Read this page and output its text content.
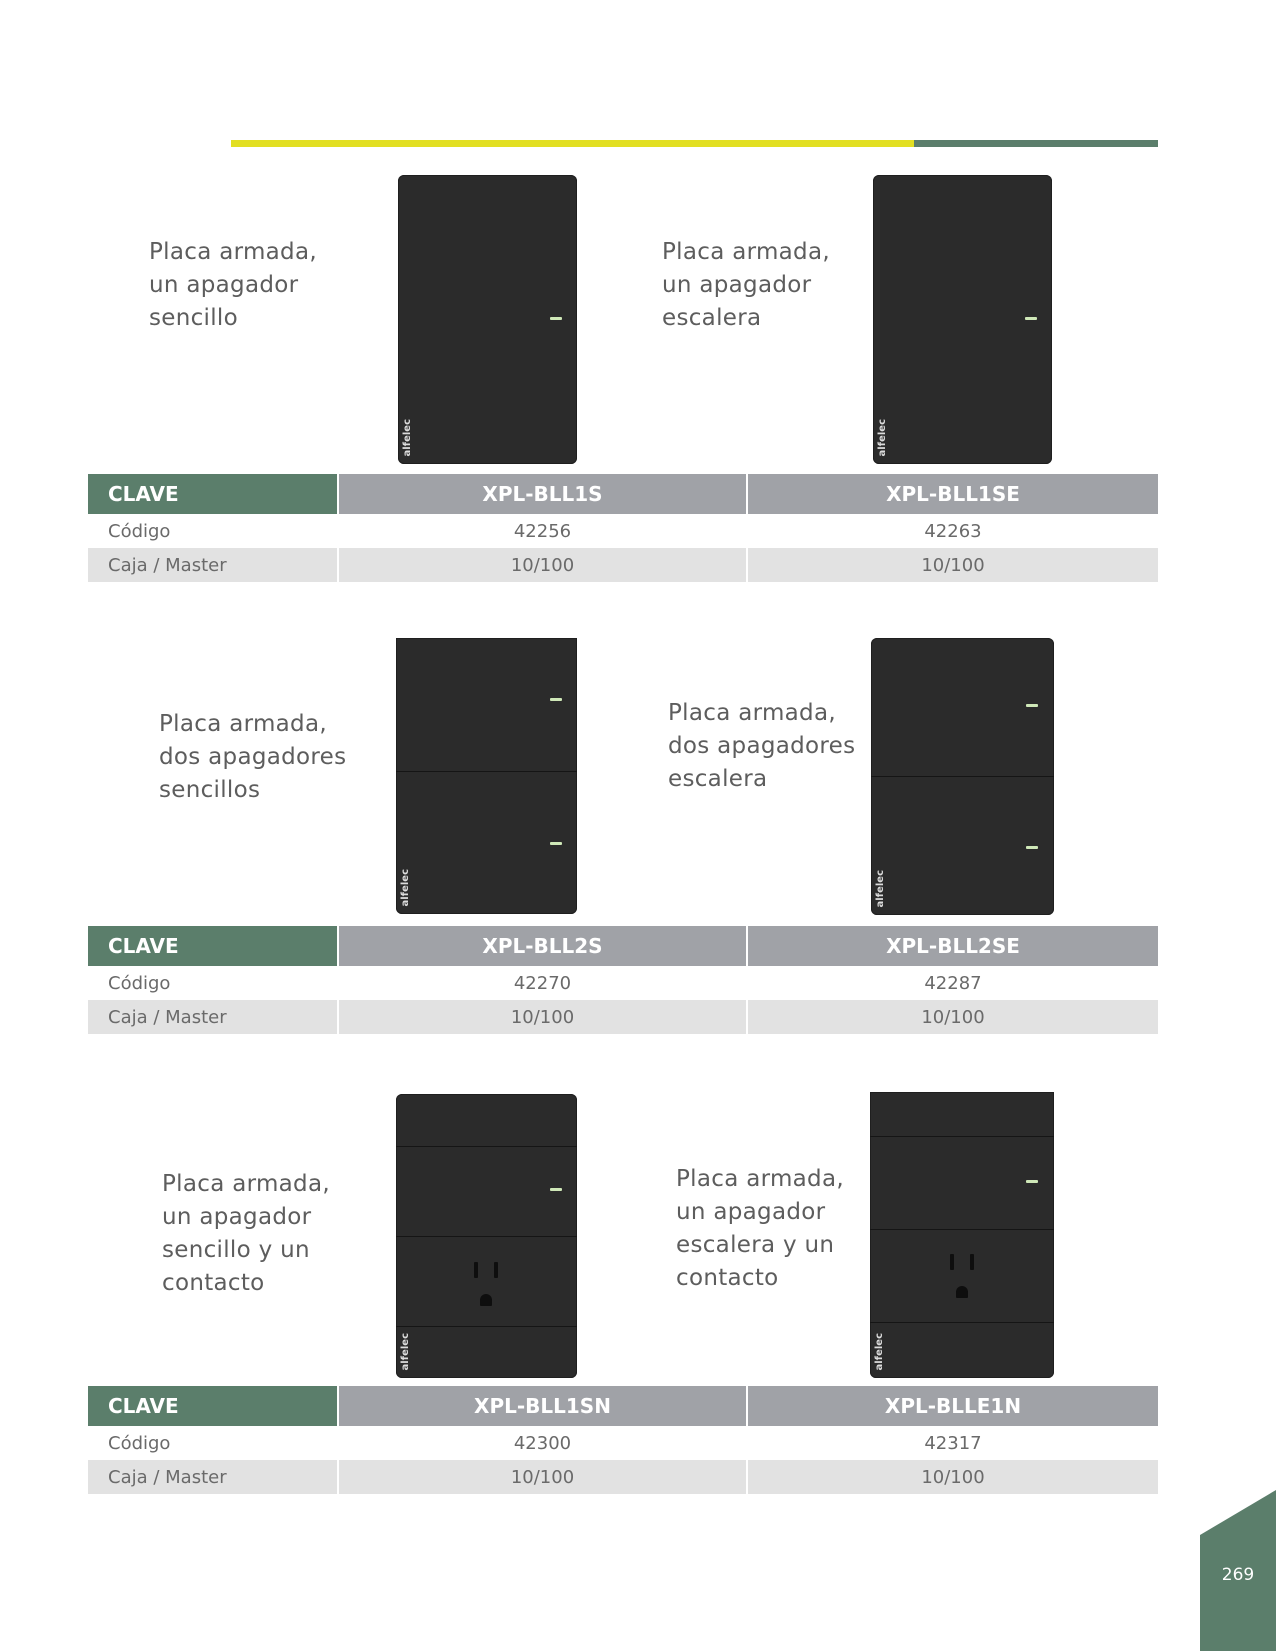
Placa armada,
un apagador
sencillo

alfelec

Placa armada,
un apagador
escalera

alfelec
CLAVE	XPL-BLL1S	XPL-BLL1SE
Código	42256	42263
Caja / Master	10/100	10/100

Placa armada,
dos apagadores
sencillos

alfelec

Placa armada,
dos apagadores
escalera

alfelec
CLAVE	XPL-BLL2S	XPL-BLL2SE
Código	42270	42287
Caja / Master	10/100	10/100

Placa armada,
un apagador
sencillo y un
contacto

alfelec

Placa armada,
un apagador
escalera y un
contacto

alfelec
CLAVE	XPL-BLL1SN	XPL-BLLE1N
Código	42300	42317
Caja / Master	10/100	10/100
269
